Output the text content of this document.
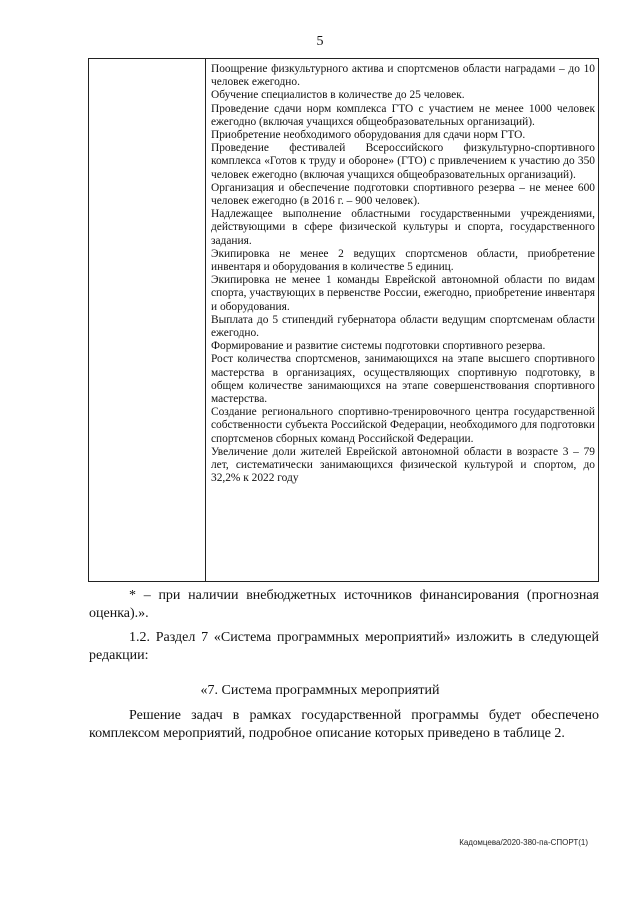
5
Поощрение физкультурного актива и спортсменов области наградами – до 10 человек ежегодно.
Обучение специалистов в количестве до 25 человек.
Проведение сдачи норм комплекса ГТО с участием не менее 1000 человек ежегодно (включая учащихся общеобразовательных организаций).
Приобретение необходимого оборудования для сдачи норм ГТО.
Проведение фестивалей Всероссийского физкультурно-спортивного комплекса «Готов к труду и обороне» (ГТО) с привлечением к участию до 350 человек ежегодно (включая учащихся общеобразовательных организаций).
Организация и обеспечение подготовки спортивного резерва – не менее 600 человек ежегодно (в 2016 г. – 900 человек).
Надлежащее выполнение областными государственными учреждениями, действующими в сфере физической культуры и спорта, государственного задания.
Экипировка не менее 2 ведущих спортсменов области, приобретение инвентаря и оборудования в количестве 5 единиц.
Экипировка не менее 1 команды Еврейской автономной области по видам спорта, участвующих в первенстве России, ежегодно, приобретение инвентаря и оборудования.
Выплата до 5 стипендий губернатора области ведущим спортсменам области ежегодно.
Формирование и развитие системы подготовки спортивного резерва.
Рост количества спортсменов, занимающихся на этапе высшего спортивного мастерства в организациях, осуществляющих спортивную подготовку, в общем количестве занимающихся на этапе совершенствования спортивного мастерства.
Создание регионального спортивно-тренировочного центра государственной собственности субъекта Российской Федерации, необходимого для подготовки спортсменов сборных команд Российской Федерации.
Увеличение доли жителей Еврейской автономной области в возрасте 3 – 79 лет, систематически занимающихся физической культурой и спортом, до 32,2% к 2022 году
* – при наличии внебюджетных источников финансирования (прогнозная оценка).».
1.2. Раздел 7 «Система программных мероприятий» изложить в следующей редакции:
«7. Система программных мероприятий
Решение задач в рамках государственной программы будет обеспечено комплексом мероприятий, подробное описание которых приведено в таблице 2.
Кадомцева/2020-380-па-СПОРТ(1)
